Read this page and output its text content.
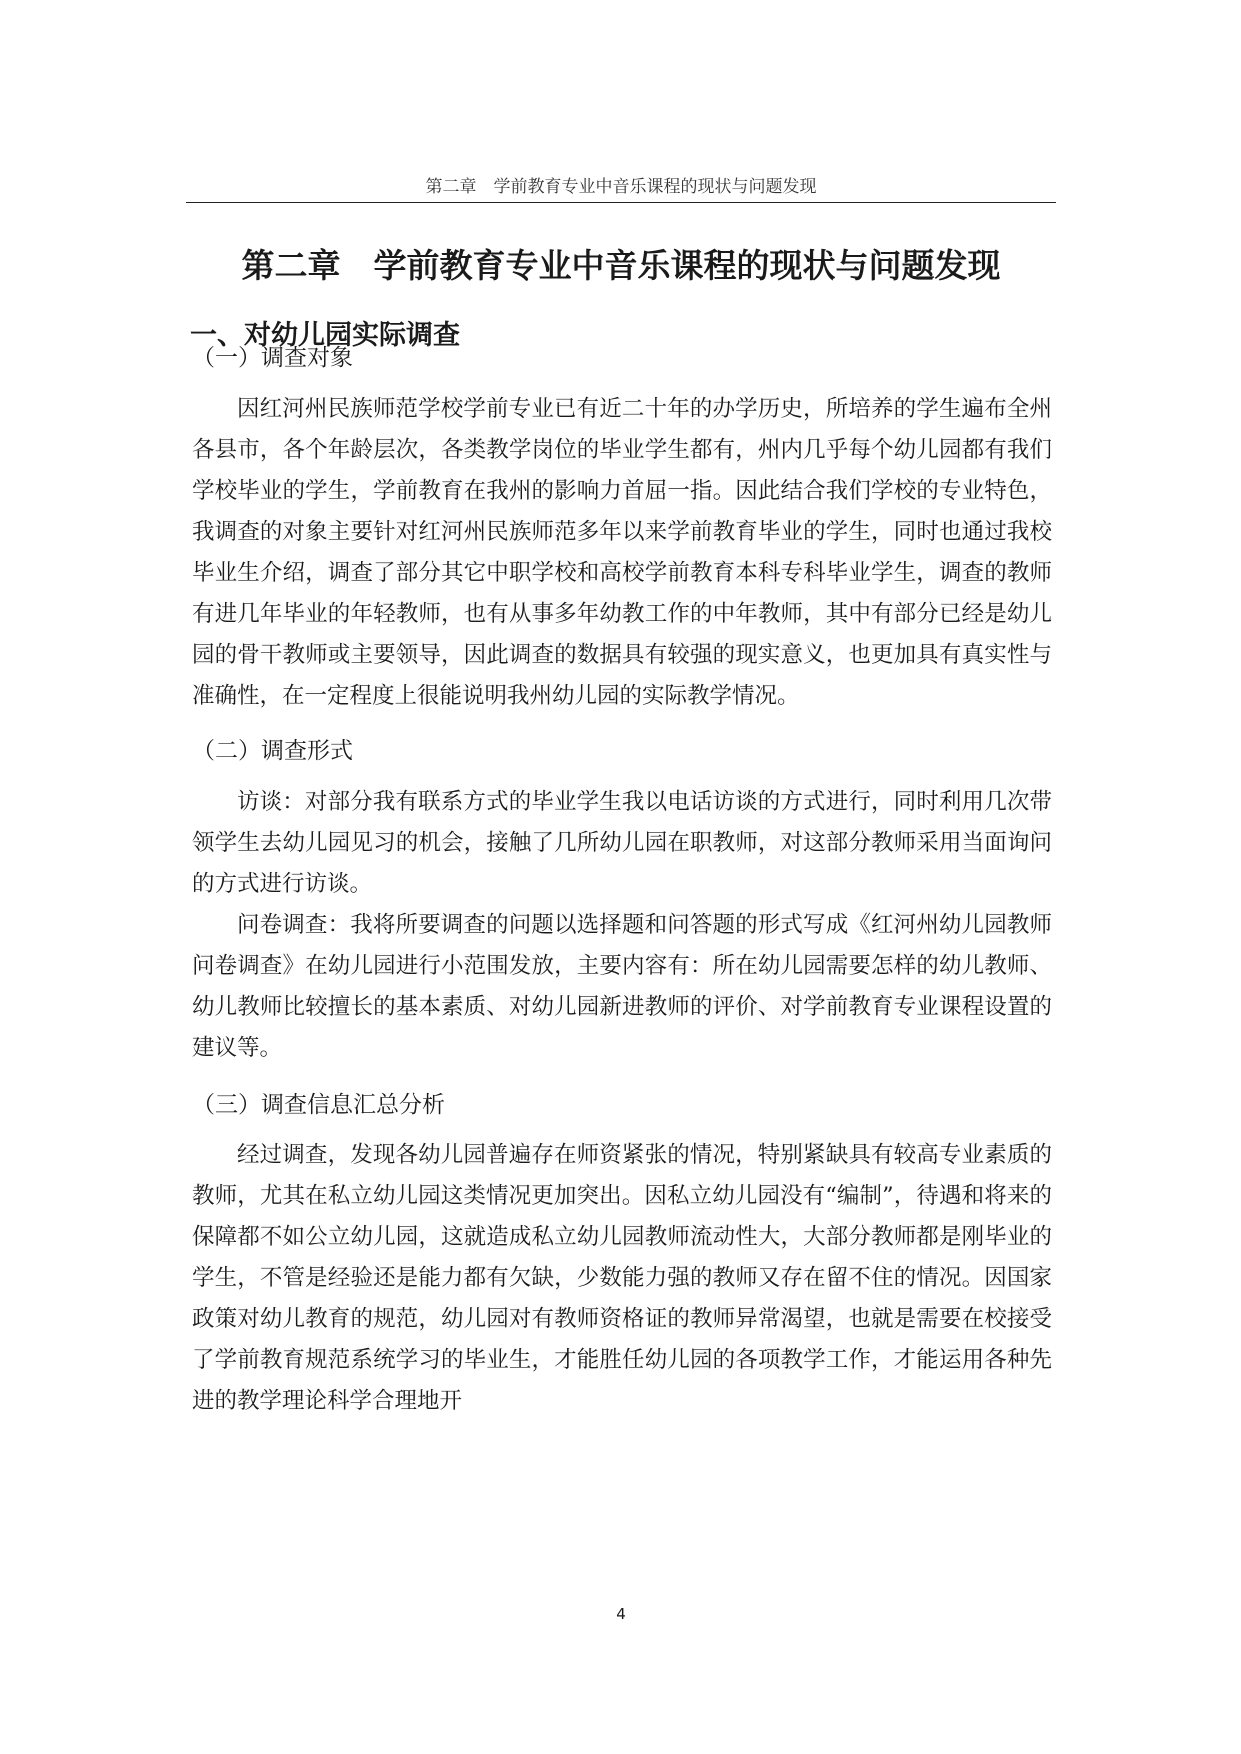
第二章　学前教育专业中音乐课程的现状与问题发现
第二章　学前教育专业中音乐课程的现状与问题发现
一、对幼儿园实际调查
（一）调查对象

因红河州民族师范学校学前专业已有近二十年的办学历史，所培养的学生遍布全州各县市，各个年龄层次，各类教学岗位的毕业学生都有，州内几乎每个幼儿园都有我们学校毕业的学生，学前教育在我州的影响力首屈一指。因此结合我们学校的专业特色，我调查的对象主要针对红河州民族师范多年以来学前教育毕业的学生，同时也通过我校毕业生介绍，调查了部分其它中职学校和高校学前教育本科专科毕业学生，调查的教师有进几年毕业的年轻教师，也有从事多年幼教工作的中年教师，其中有部分已经是幼儿园的骨干教师或主要领导，因此调查的数据具有较强的现实意义，也更加具有真实性与准确性，在一定程度上很能说明我州幼儿园的实际教学情况。

（二）调查形式

访谈：对部分我有联系方式的毕业学生我以电话访谈的方式进行，同时利用几次带领学生去幼儿园见习的机会，接触了几所幼儿园在职教师，对这部分教师采用当面询问的方式进行访谈。

问卷调查：我将所要调查的问题以选择题和问答题的形式写成《红河州幼儿园教师问卷调查》在幼儿园进行小范围发放，主要内容有：所在幼儿园需要怎样的幼儿教师、幼儿教师比较擅长的基本素质、对幼儿园新进教师的评价、对学前教育专业课程设置的建议等。

（三）调查信息汇总分析

经过调查，发现各幼儿园普遍存在师资紧张的情况，特别紧缺具有较高专业素质的教师，尤其在私立幼儿园这类情况更加突出。因私立幼儿园没有“编制”，待遇和将来的保障都不如公立幼儿园，这就造成私立幼儿园教师流动性大，大部分教师都是刚毕业的学生，不管是经验还是能力都有欠缺，少数能力强的教师又存在留不住的情况。因国家政策对幼儿教育的规范，幼儿园对有教师资格证的教师异常渴望，也就是需要在校接受了学前教育规范系统学习的毕业生，才能胜任幼儿园的各项教学工作，才能运用各种先进的教学理论科学合理地开

4
